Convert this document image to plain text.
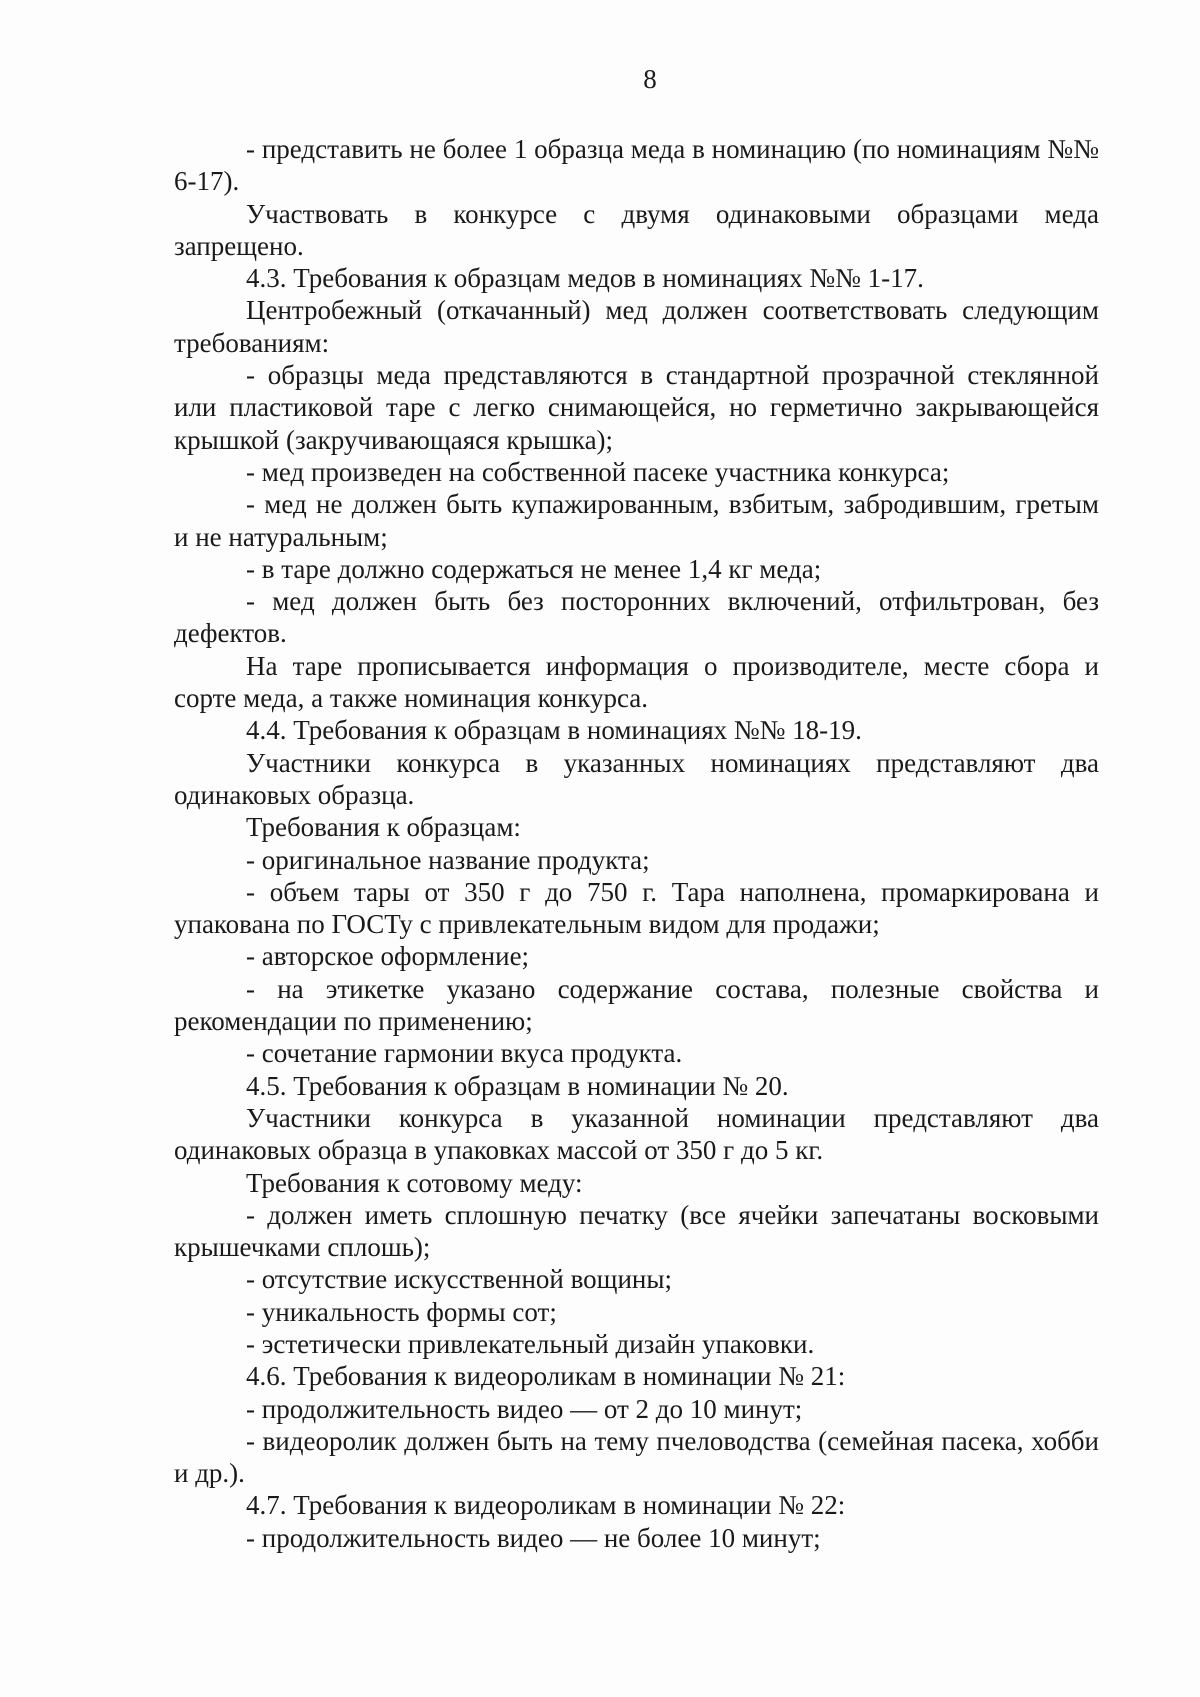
8

- представить не более 1 образца меда в номинацию (по номинациям №№ 6-17).

Участвовать в конкурсе с двумя одинаковыми образцами меда запрещено.

4.3. Требования к образцам медов в номинациях №№ 1-17.

Центробежный (откачанный) мед должен соответствовать следующим требованиям:

- образцы меда представляются в стандартной прозрачной стеклянной или пластиковой таре с легко снимающейся, но герметично закрывающейся крышкой (закручивающаяся крышка);

- мед произведен на собственной пасеке участника конкурса;

- мед не должен быть купажированным, взбитым, забродившим, гретым и не натуральным;

- в таре должно содержаться не менее 1,4 кг меда;

- мед должен быть без посторонних включений, отфильтрован, без дефектов.

На таре прописывается информация о производителе, месте сбора и сорте меда, а также номинация конкурса.

4.4. Требования к образцам в номинациях №№ 18-19.

Участники конкурса в указанных номинациях представляют два одинаковых образца.

Требования к образцам:

- оригинальное название продукта;

- объем тары от 350 г до 750 г. Тара наполнена, промаркирована и упакована по ГОСТу с привлекательным видом для продажи;

- авторское оформление;

- на этикетке указано содержание состава, полезные свойства и рекомендации по применению;

- сочетание гармонии вкуса продукта.

4.5. Требования к образцам в номинации № 20.

Участники конкурса в указанной номинации представляют два одинаковых образца в упаковках массой от 350 г до 5 кг.

Требования к сотовому меду:

- должен иметь сплошную печатку (все ячейки запечатаны восковыми крышечками сплошь);

- отсутствие искусственной вощины;

- уникальность формы сот;

- эстетически привлекательный дизайн упаковки.

4.6. Требования к видеороликам в номинации № 21:

- продолжительность видео — от 2 до 10 минут;

- видеоролик должен быть на тему пчеловодства (семейная пасека, хобби и др.).

4.7. Требования к видеороликам в номинации № 22:

- продолжительность видео — не более 10 минут;
